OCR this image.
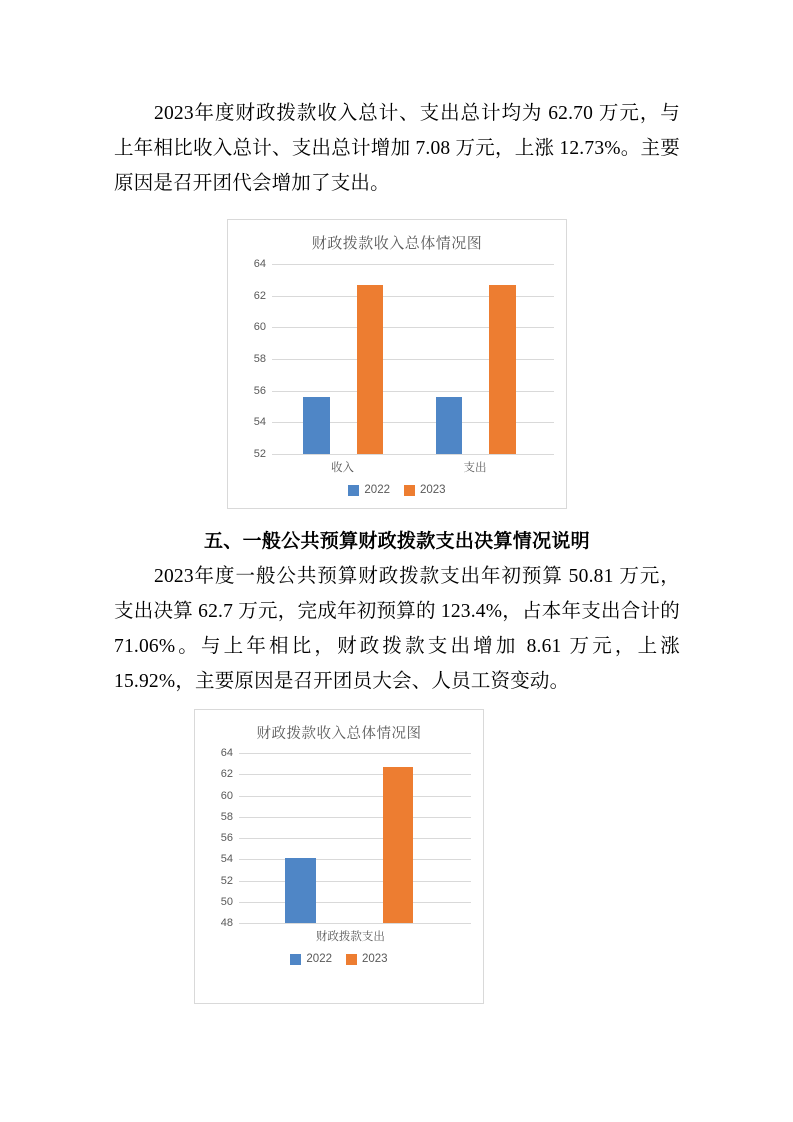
2023年度财政拨款收入总计、支出总计均为 62.70 万元，与上年相比收入总计、支出总计增加 7.08 万元，上涨 12.73%。主要原因是召开团代会增加了支出。

财政拨款收入总体情况图
52
54
56
58
60
62
64
收入	支出
2022	2023
五、一般公共预算财政拨款支出决算情况说明

2023年度一般公共预算财政拨款支出年初预算 50.81 万元，支出决算 62.7 万元，完成年初预算的 123.4%，占本年支出合计的 71.06%。与上年相比，财政拨款支出增加 8.61 万元，上涨 15.92%，主要原因是召开团员大会、人员工资变动。

财政拨款收入总体情况图
48
50
52
54
56
58
60
62
64
财政拨款支出
2022	2023
